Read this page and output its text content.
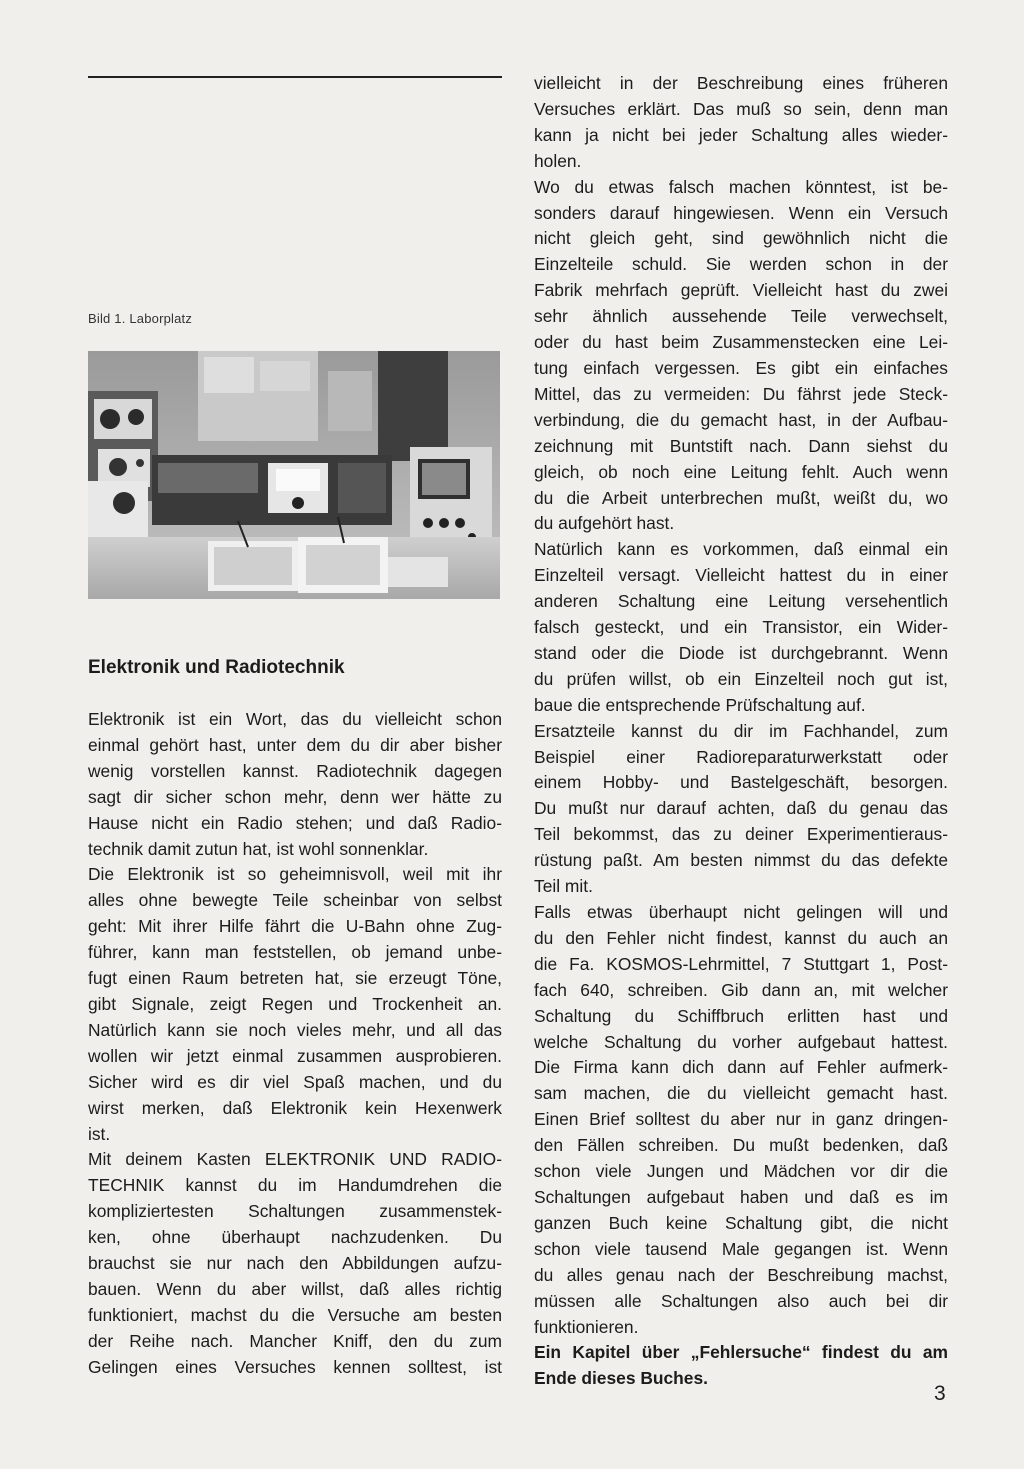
Bild 1. Laborplatz
Elektronik und Radiotechnik

Elektronik ist ein Wort, das du vielleicht schon

einmal gehört hast, unter dem du dir aber bisher

wenig vorstellen kannst. Radiotechnik dagegen

sagt dir sicher schon mehr, denn wer hätte zu

Hause nicht ein Radio stehen; und daß Radio-

technik damit zutun hat, ist wohl sonnenklar.

Die Elektronik ist so geheimnisvoll, weil mit ihr

alles ohne bewegte Teile scheinbar von selbst

geht: Mit ihrer Hilfe fährt die U-Bahn ohne Zug-

führer, kann man feststellen, ob jemand unbe-

fugt einen Raum betreten hat, sie erzeugt Töne,

gibt Signale, zeigt Regen und Trockenheit an.

Natürlich kann sie noch vieles mehr, und all das

wollen wir jetzt einmal zusammen ausprobieren.

Sicher wird es dir viel Spaß machen, und du

wirst merken, daß Elektronik kein Hexenwerk

ist.

Mit deinem Kasten ELEKTRONIK UND RADIO-

TECHNIK kannst du im Handumdrehen die

kompliziertesten Schaltungen zusammenstek-

ken, ohne überhaupt nachzudenken. Du

brauchst sie nur nach den Abbildungen aufzu-

bauen. Wenn du aber willst, daß alles richtig

funktioniert, machst du die Versuche am besten

der Reihe nach. Mancher Kniff, den du zum

Gelingen eines Versuches kennen solltest, ist

vielleicht in der Beschreibung eines früheren

Versuches erklärt. Das muß so sein, denn man

kann ja nicht bei jeder Schaltung alles wieder-

holen.

Wo du etwas falsch machen könntest, ist be-

sonders darauf hingewiesen. Wenn ein Versuch

nicht gleich geht, sind gewöhnlich nicht die

Einzelteile schuld. Sie werden schon in der

Fabrik mehrfach geprüft. Vielleicht hast du zwei

sehr ähnlich aussehende Teile verwechselt,

oder du hast beim Zusammenstecken eine Lei-

tung einfach vergessen. Es gibt ein einfaches

Mittel, das zu vermeiden: Du fährst jede Steck-

verbindung, die du gemacht hast, in der Aufbau-

zeichnung mit Buntstift nach. Dann siehst du

gleich, ob noch eine Leitung fehlt. Auch wenn

du die Arbeit unterbrechen mußt, weißt du, wo

du aufgehört hast.

Natürlich kann es vorkommen, daß einmal ein

Einzelteil versagt. Vielleicht hattest du in einer

anderen Schaltung eine Leitung versehentlich

falsch gesteckt, und ein Transistor, ein Wider-

stand oder die Diode ist durchgebrannt. Wenn

du prüfen willst, ob ein Einzelteil noch gut ist,

baue die entsprechende Prüfschaltung auf.

Ersatzteile kannst du dir im Fachhandel, zum

Beispiel einer Radioreparaturwerkstatt oder

einem Hobby- und Bastelgeschäft, besorgen.

Du mußt nur darauf achten, daß du genau das

Teil bekommst, das zu deiner Experimentieraus-

rüstung paßt. Am besten nimmst du das defekte

Teil mit.

Falls etwas überhaupt nicht gelingen will und

du den Fehler nicht findest, kannst du auch an

die Fa. KOSMOS-Lehrmittel, 7 Stuttgart 1, Post-

fach 640, schreiben. Gib dann an, mit welcher

Schaltung du Schiffbruch erlitten hast und

welche Schaltung du vorher aufgebaut hattest.

Die Firma kann dich dann auf Fehler aufmerk-

sam machen, die du vielleicht gemacht hast.

Einen Brief solltest du aber nur in ganz dringen-

den Fällen schreiben. Du mußt bedenken, daß

schon viele Jungen und Mädchen vor dir die

Schaltungen aufgebaut haben und daß es im

ganzen Buch keine Schaltung gibt, die nicht

schon viele tausend Male gegangen ist. Wenn

du alles genau nach der Beschreibung machst,

müssen alle Schaltungen also auch bei dir

funktionieren.

Ein Kapitel über „Fehlersuche“ findest du am

Ende dieses Buches.

3
